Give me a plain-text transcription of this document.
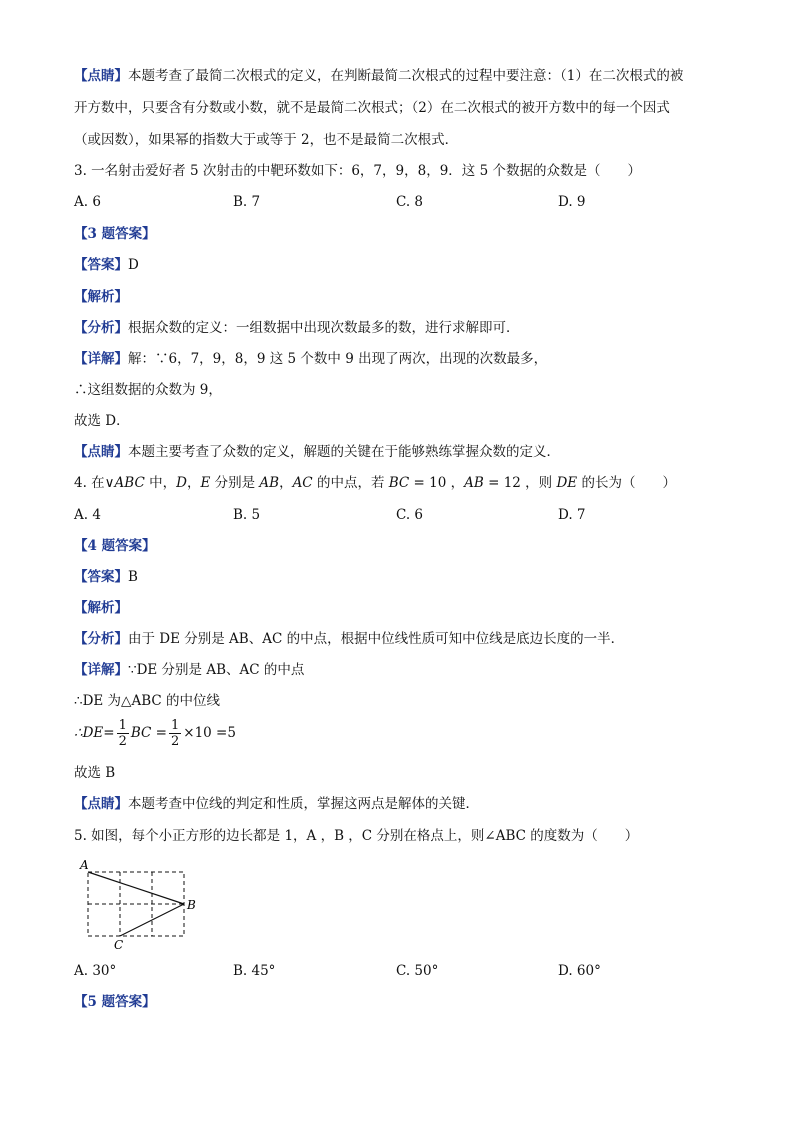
【点睛】本题考查了最简二次根式的定义，在判断最简二次根式的过程中要注意：（1）在二次根式的被
开方数中，只要含有分数或小数，就不是最简二次根式；（2）在二次根式的被开方数中的每一个因式
（或因数），如果幂的指数大于或等于 2，也不是最简二次根式．
3. 一名射击爱好者 5 次射击的中靶环数如下：6，7，9，8，9．这 5 个数据的众数是（　　）
A. 6	B. 7	C. 8	D. 9
【3 题答案】
【答案】D
【解析】
【分析】根据众数的定义：一组数据中出现次数最多的数，进行求解即可．
【详解】解：∵6，7，9，8，9 这 5 个数中 9 出现了两次，出现的次数最多，
∴这组数据的众数为 9，
故选 D．
【点睛】本题主要考查了众数的定义，解题的关键在于能够熟练掌握众数的定义．
4. 在∨ABC 中，D，E 分别是 AB，AC 的中点，若 BC = 10 ，AB = 12 ，则 DE 的长为（　　）
A. 4	B. 5	C. 6	D. 7
【4 题答案】
【答案】B
【解析】
【分析】由于 DE 分别是 AB、AC 的中点，根据中位线性质可知中位线是底边长度的一半．
【详解】∵DE 分别是 AB、AC 的中点
∴DE 为△ABC 的中位线
∴DE= $\frac{1}{2}$ BC = $\frac{1}{2} \times 10 =5$
故选 B
【点睛】本题考查中位线的判定和性质，掌握这两点是解体的关键．
5. 如图，每个小正方形的边长都是 1，A ，B ，C 分别在格点上，则∠ABC 的度数为（　　）
A
B
C
A. 30°	B. 45°	C. 50°	D. 60°
【5 题答案】
